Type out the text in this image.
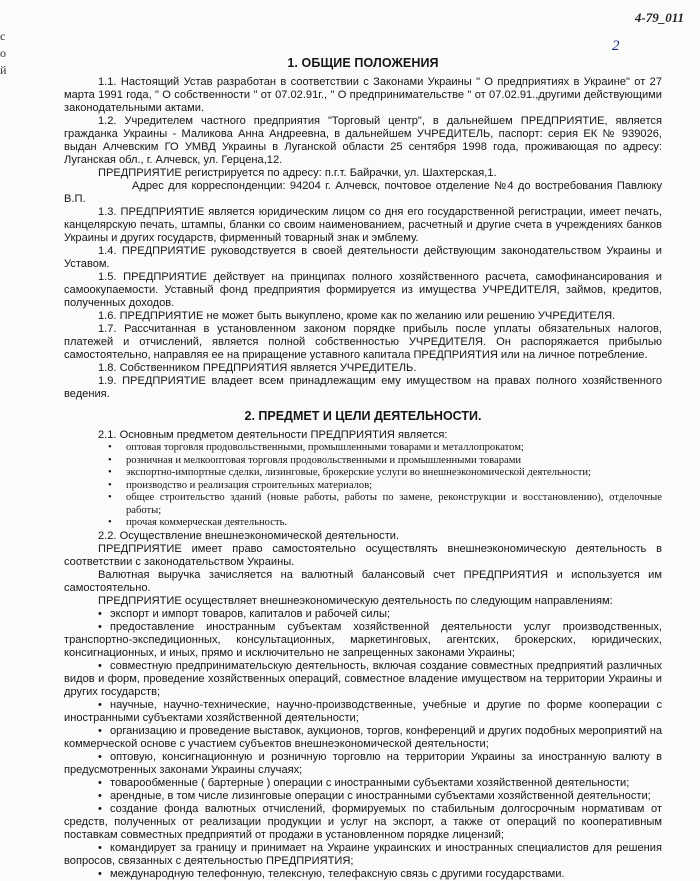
с
о
й
4-79_011
2
1. ОБЩИЕ ПОЛОЖЕНИЯ

1.1. Настоящий Устав разработан в соответствии с Законами Украины " О предприятиях в Украине" от 27 марта 1991 года, " О собственности " от 07.02.91г., " О предпринимательстве " от 07.02.91.,другими действующими законодательными актами.

1.2. Учредителем частного предприятия "Торговый центр", в дальнейшем ПРЕДПРИЯТИЕ, является гражданка Украины - Маликова Анна Андреевна, в дальнейшем УЧРЕДИТЕЛЬ, паспорт: серия ЕК № 939026, выдан Алчевским ГО УМВД Украины в Луганской области 25 сентября 1998 года, проживающая по адресу: Луганская обл., г. Алчевск, ул. Герцена,12.

ПРЕДПРИЯТИЕ регистрируется по адресу: п.г.т. Байрачки, ул. Шахтерская,1.

Адрес для корреспонденции: 94204 г. Алчевск, почтовое отделение №4 до востребования Павлюку В.П.

1.3. ПРЕДПРИЯТИЕ является юридическим лицом со дня его государственной регистрации, имеет печать, канцелярскую печать, штампы, бланки со своим наименованием, расчетный и другие счета в учреждениях банков Украины и других государств, фирменный товарный знак и эмблему.

1.4. ПРЕДПРИЯТИЕ руководствуется в своей деятельности действующим законодательством Украины и Уставом.

1.5. ПРЕДПРИЯТИЕ действует на принципах полного хозяйственного расчета, самофинансирования и самоокупаемости. Уставный фонд предприятия формируется из имущества УЧРЕДИТЕЛЯ, займов, кредитов, полученных доходов.

1.6. ПРЕДПРИЯТИЕ не может быть выкуплено, кроме как по желанию или решению УЧРЕДИТЕЛЯ.

1.7. Рассчитанная в установленном законом порядке прибыль после уплаты обязательных налогов, платежей и отчислений, является полной собственностью УЧРЕДИТЕЛЯ. Он распоряжается прибылью самостоятельно, направляя ее на приращение уставного капитала ПРЕДПРИЯТИЯ или на личное потребление.

1.8. Собственником ПРЕДПРИЯТИЯ является УЧРЕДИТЕЛЬ.

1.9. ПРЕДПРИЯТИЕ владеет всем принадлежащим ему имуществом на правах полного хозяйственного ведения.

2. ПРЕДМЕТ И ЦЕЛИ ДЕЯТЕЛЬНОСТИ.

2.1. Основным предметом деятельности ПРЕДПРИЯТИЯ является:

• оптовая торговля продовольственными, промышленными товарами и металлопрокатом;
• розничная и мелкооптовая торговля продовольственными и промышленными товарами
• экспортно-импортные сделки, лизинговые, брокерские услуги во внешнеэкономической деятельности;
• производство и реализация строительных материалов;
• общее строительство зданий (новые работы, работы по замене, реконструкции и восстановлению), отделочные работы;
• прочая коммерческая деятельность.

2.2. Осуществление внешнеэкономической деятельности.

ПРЕДПРИЯТИЕ имеет право самостоятельно осуществлять внешнеэкономическую деятельность в соответствии с законодательством Украины.

Валютная выручка зачисляется на валютный балансовый счет ПРЕДПРИЯТИЯ и используется им самостоятельно.

ПРЕДПРИЯТИЕ осуществляет внешнеэкономическую деятельность по следующим направлениям:

• экспорт и импорт товаров, капиталов и рабочей силы;
• предоставление иностранным субъектам хозяйственной деятельности услуг производственных, транспортно-экспедиционных, консультационных, маркетинговых, агентских, брокерских, юридических, консигнационных, и иных, прямо и исключительно не запрещенных законами Украины;
• совместную предпринимательскую деятельность, включая создание совместных предприятий различных видов и форм, проведение хозяйственных операций, совместное владение имуществом на территории Украины и других государств;
• научные, научно-технические, научно-производственные, учебные и другие по форме кооперации с иностранными субъектами хозяйственной деятельности;
• организацию и проведение выставок, аукционов, торгов, конференций и других подобных мероприятий на коммерческой основе с участием субъектов внешнеэкономической деятельности;
• оптовую, консигнационную и розничную торговлю на территории Украины за иностранную валюту в предусмотренных законами Украины случаях;
• товарообменные ( бартерные ) операции с иностранными субъектами хозяйственной деятельности;
• арендные, в том числе лизинговые операции с иностранными субъектами хозяйственной деятельности;
• создание фонда валютных отчислений, формируемых по стабильным долгосрочным нормативам от средств, полученных от реализации продукции и услуг на экспорт, а также от операций по кооперативным поставкам совместных предприятий от продажи в установленном порядке лицензий;
• командирует за границу и принимает на Украине украинских и иностранных специалистов для решения вопросов, связанных с деятельностью ПРЕДПРИЯТИЯ;
• международную телефонную, телексную, телефаксную связь с другими государствами.
